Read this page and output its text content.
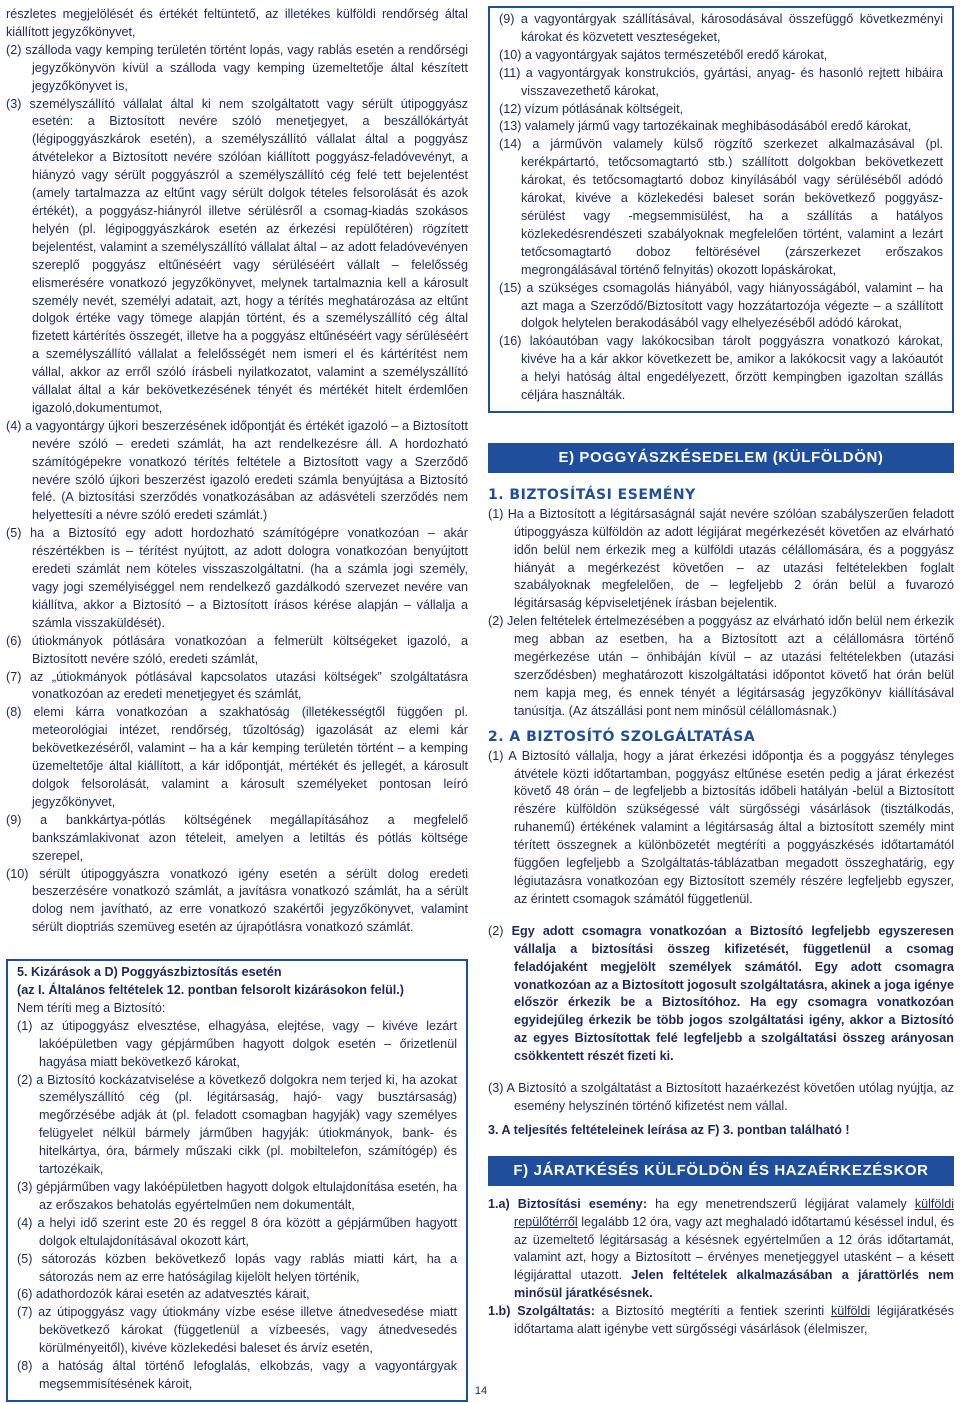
részletes megjelölését és értékét feltüntető, az illetékes külföldi rendőrség által kiállított jegyzőkönyvet,

(2) szálloda vagy kemping területén történt lopás, vagy rablás esetén a rendőrségi jegyzőkönyvön kívül a szálloda vagy kemping üzemeltetője által készített jegyzőkönyvet is,

(3) személyszállító vállalat által ki nem szolgáltatott vagy sérült útipoggyász esetén: a Biztosított nevére szóló menetjegyet, a beszállókártyát (légipoggyászkárok esetén), a személyszállító vállalat által a poggyász átvételekor a Biztosított nevére szólóan kiállított poggyász-feladóvevényt, a hiányzó vagy sérült poggyászról a személyszállító cég felé tett bejelentést (amely tartalmazza az eltűnt vagy sérült dolgok tételes felsorolását és azok értékét), a poggyász-hiányról illetve sérülésről a csomag-kiadás szokásos helyén (pl. légipoggyászkárok esetén az érkezési repülőtéren) rögzített bejelentést, valamint a személyszállító vállalat által – az adott feladóvevényen szereplő poggyász eltűnéséért vagy sérüléséért vállalt – felelősség elismerésére vonatkozó jegyzőkönyvet, melynek tartalmaznia kell a károsult személy nevét, személyi adatait, azt, hogy a térítés meghatározása az eltűnt dolgok értéke vagy tömege alapján történt, és a személyszállító cég által fizetett kártérítés összegét, illetve ha a poggyász eltűnéséért vagy sérüléséért a személyszállító vállalat a felelősségét nem ismeri el és kártérítést nem vállal, akkor az erről szóló írásbeli nyilatkozatot, valamint a személyszállító vállalat által a kár bekövetkezésének tényét és mértékét hitelt érdemlően igazoló,dokumentumot,

(4) a vagyontárgy újkori beszerzésének időpontját és értékét igazoló – a Biztosított nevére szóló – eredeti számlát, ha azt rendelkezésre áll. A hordozható számítógépekre vonatkozó térítés feltétele a Biztosított vagy a Szerződő nevére szóló újkori beszerzést igazoló eredeti számla benyújtása a Biztosító felé. (A biztosítási szerződés vonatkozásában az adásvételi szerződés nem helyettesíti a névre szóló eredeti számlát.)

(5) ha a Biztosító egy adott hordozható számítógépre vonatkozóan – akár részértékben is – térítést nyújtott, az adott dologra vonatkozóan benyújtott eredeti számlát nem köteles visszaszolgáltatni. (ha a számla jogi személy, vagy jogi személyiséggel nem rendelkező gazdálkodó szervezet nevére van kiállítva, akkor a Biztosító – a Biztosított írásos kérése alapján – vállalja a számla visszaküldését).

(6) útiokmányok pótlására vonatkozóan a felmerült költségeket igazoló, a Biztosított nevére szóló, eredeti számlát,

(7) az „útiokmányok pótlásával kapcsolatos utazási költségek” szolgáltatásra vonatkozóan az eredeti menetjegyet és számlát,

(8) elemi kárra vonatkozóan a szakhatóság (illetékességtől függően pl. meteorológiai intézet, rendőrség, tűzoltóság) igazolását az elemi kár bekövetkezéséről, valamint – ha a kár kemping területén történt – a kemping üzemeltetője által kiállított, a kár időpontját, mértékét és jellegét, a károsult dolgok felsorolását, valamint a károsult személyeket pontosan leíró jegyzőkönyvet,

(9) a bankkártya-pótlás költségének megállapításához a megfelelő bankszámlakivonat azon tételeit, amelyen a letiltás és pótlás költsége szerepel,

(10) sérült útipoggyászra vonatkozó igény esetén a sérült dolog eredeti beszerzésére vonatkozó számlát, a javításra vonatkozó számlát, ha a sérült dolog nem javítható, az erre vonatkozó szakértői jegyzőkönyvet, valamint sérült dioptriás szemüveg esetén az újrapótlásra vonatkozó számlát.

5. Kizárások a D) Poggyászbiztosítás esetén

(az I. Általános feltételek 12. pontban felsorolt kizárásokon felül.)

Nem téríti meg a Biztosító:

(1) az útipoggyász elvesztése, elhagyása, elejtése, vagy – kivéve lezárt lakóépületben vagy gépjárműben hagyott dolgok esetén – őrizetlenül hagyása miatt bekövetkező károkat,

(2) a Biztosító kockázatviselése a következő dolgokra nem terjed ki, ha azokat személyszállító cég (pl. légitársaság, hajó- vagy busztársaság) megőrzésébe adják át (pl. feladott csomagban hagyják) vagy személyes felügyelet nélkül bármely járműben hagyják: útiokmányok, bank- és hitelkártya, óra, bármely műszaki cikk (pl. mobiltelefon, számítógép) és tartozékaik,

(3) gépjárműben vagy lakóépületben hagyott dolgok eltulajdonítása esetén, ha az erőszakos behatolás egyértelműen nem dokumentált,

(4) a helyi idő szerint este 20 és reggel 8 óra között a gépjárműben hagyott dolgok eltulajdonításával okozott kárt,

(5) sátorozás közben bekövetkező lopás vagy rablás miatti kárt, ha a sátorozás nem az erre hatóságilag kijelölt helyen történik,

(6) adathordozók kárai esetén az adatvesztés kárait,

(7) az útipoggyász vagy útiokmány vízbe esése illetve átnedvesedése miatt bekövetkező károkat (függetlenül a vízbeesés, vagy átnedvesedés körülményeitől), kivéve közlekedési baleset és árvíz esetén,

(8) a hatóság által történő lefoglalás, elkobzás, vagy a vagyontárgyak megsemmisítésének károit,

(9) a vagyontárgyak szállításával, károsodásával összefüggő következményi károkat és közvetett veszteségeket,

(10) a vagyontárgyak sajátos természetéből eredő károkat,

(11) a vagyontárgyak konstrukciós, gyártási, anyag- és hasonló rejtett hibáira visszavezethető károkat,

(12) vízum pótlásának költségeit,

(13) valamely jármű vagy tartozékainak meghibásodásából eredő károkat,

(14) a járművön valamely külső rögzítő szerkezet alkalmazásával (pl. kerékpártartó, tetőcsomagtartó stb.) szállított dolgokban bekövetkezett károkat, és tetőcsomagtartó doboz kinyílásából vagy sérüléséből adódó károkat, kivéve a közlekedési baleset során bekövetkező poggyász-sérülést vagy -megsemmisülést, ha a szállítás a hatályos közlekedésrendészeti szabályoknak megfelelően történt, valamint a lezárt tetőcsomagtartó doboz feltörésével (zárszerkezet erőszakos megrongálásával történő felnyitás) okozott lopáskárokat,

(15) a szükséges csomagolás hiányából, vagy hiányosságából, valamint – ha azt maga a Szerződő/Biztosított vagy hozzátartozója végezte – a szállított dolgok helytelen berakodásából vagy elhelyezéséből adódó károkat,

(16) lakóautóban vagy lakókocsiban tárolt poggyászra vonatkozó károkat, kivéve ha a kár akkor következett be, amikor a lakókocsit vagy a lakóautót a helyi hatóság által engedélyezett, őrzött kempingben igazoltan szállás céljára használták.

E) POGGYÁSZKÉSEDELEM (KÜLFÖLDÖN)

1. BIZTOSÍTÁSI ESEMÉNY

(1) Ha a Biztosított a légitársaságnál saját nevére szólóan szabályszerűen feladott útipoggyásza külföldön az adott légijárat megérkezését követően az elvárható időn belül nem érkezik meg a külföldi utazás célállomására, és a poggyász hiányát a megérkezést követően – az utazási feltételekben foglalt szabályoknak megfelelően, de – legfeljebb 2 órán belül a fuvarozó légitársaság képviseletjének írásban bejelentik.

(2) Jelen feltételek értelmezésében a poggyász az elvárható időn belül nem érkezik meg abban az esetben, ha a Biztosított azt a célállomásra történő megérkezése után – önhibáján kívül – az utazási feltételekben (utazási szerződésben) meghatározott kiszolgáltatási időpontot követő hat órán belül nem kapja meg, és ennek tényét a légitársaság jegyzőkönyv kiállításával tanúsítja. (Az átszállási pont nem minősül célállomásnak.)

2. A BIZTOSÍTÓ SZOLGÁLTATÁSA

(1) A Biztosító vállalja, hogy a járat érkezési időpontja és a poggyász tényleges átvétele közti időtartamban, poggyász eltűnése esetén pedig a járat érkezést követő 48 órán – de legfeljebb a biztosítás időbeli hatályán -belül a Biztosított részére külföldön szükségessé vált sürgősségi vásárlások (tisztálkodás, ruhanemű) értékének valamint a légitársaság által a biztosított személy mint térített összegnek a különbözetét megtéríti a poggyászkésés időtartamától függően legfeljebb a Szolgáltatás-táblázatban megadott összeghatárig, egy légiutazásra vonatkozóan egy Biztosított személy részére legfeljebb egyszer, az érintett csomagok számától függetlenül.

(2) Egy adott csomagra vonatkozóan a Biztosító legfeljebb egyszeresen vállalja a biztosítási összeg kifizetését, függetlenül a csomag feladójaként megjelölt személyek számától. Egy adott csomagra vonatkozóan az a Biztosított jogosult szolgáltatásra, akinek a joga igénye először érkezik be a Biztosítóhoz. Ha egy csomagra vonatkozóan egyidejűleg érkezik be több jogos szolgáltatási igény, akkor a Biztosító az egyes Biztosítottak felé legfeljebb a szolgáltatási összeg arányosan csökkentett részét fizeti ki.

(3) A Biztosító a szolgáltatást a Biztosított hazaérkezést követően utólag nyújtja, az esemény helyszínén történő kifizetést nem vállal.

3. A teljesítés feltételeinek leírása az F) 3. pontban található !

F) JÁRATKÉSÉS KÜLFÖLDÖN ÉS HAZAÉRKEZÉSKOR

1.a) Biztosítási esemény: ha egy menetrendszerű légijárat valamely külföldi repülőtérről legalább 12 óra, vagy azt meghaladó időtartamú késéssel indul, és az üzemeltető légitársaság a késésnek egyértelműen a 12 órás időtartamát, valamint azt, hogy a Biztosított – érvényes menetjeggyel utasként – a késett légijárattal utazott. Jelen feltételek alkalmazásában a járattörlés nem minősül járatkésésnek.

1.b) Szolgáltatás: a Biztosító megtéríti a fentiek szerinti külföldi légijáratkésés időtartama alatt igénybe vett sürgősségi vásárlások (élelmiszer,

14
